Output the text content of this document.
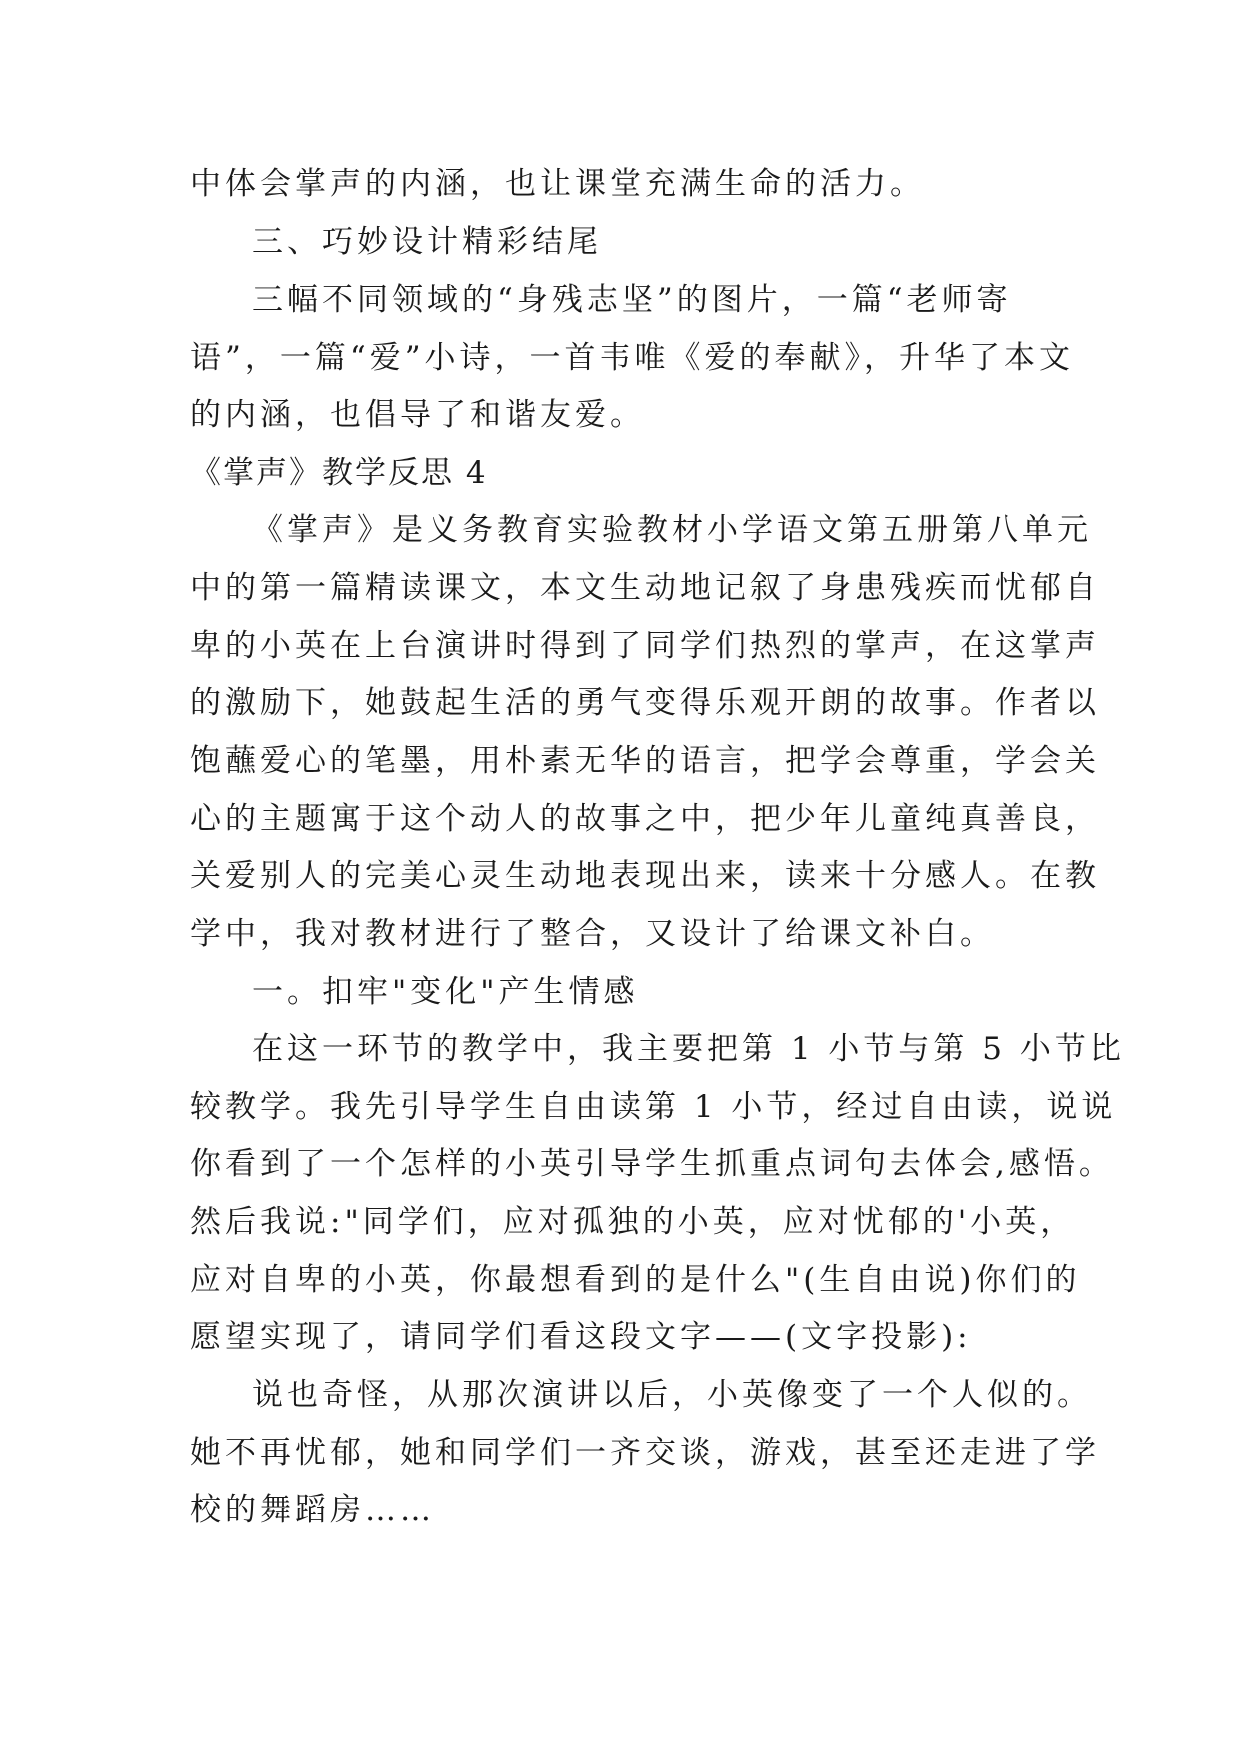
中体会掌声的内涵，也让课堂充满生命的活力。
三、巧妙设计精彩结尾
三幅不同领域的“身残志坚”的图片，一篇“老师寄
语”，一篇“爱”小诗，一首韦唯《爱的奉献》，升华了本文
的内涵，也倡导了和谐友爱。
《掌声》教学反思 4
《掌声》是义务教育实验教材小学语文第五册第八单元
中的第一篇精读课文，本文生动地记叙了身患残疾而忧郁自
卑的小英在上台演讲时得到了同学们热烈的掌声，在这掌声
的激励下，她鼓起生活的勇气变得乐观开朗的故事。作者以
饱蘸爱心的笔墨，用朴素无华的语言，把学会尊重，学会关
心的主题寓于这个动人的故事之中，把少年儿童纯真善良，
关爱别人的完美心灵生动地表现出来，读来十分感人。在教
学中，我对教材进行了整合，又设计了给课文补白。
一。扣牢"变化"产生情感
在这一环节的教学中，我主要把第 1 小节与第 5 小节比
较教学。我先引导学生自由读第 1 小节，经过自由读，说说
你看到了一个怎样的小英引导学生抓重点词句去体会,感悟。
然后我说:"同学们，应对孤独的小英，应对忧郁的'小英，
应对自卑的小英，你最想看到的是什么"(生自由说)你们的
愿望实现了，请同学们看这段文字——(文字投影):
说也奇怪，从那次演讲以后，小英像变了一个人似的。
她不再忧郁，她和同学们一齐交谈，游戏，甚至还走进了学
校的舞蹈房……
